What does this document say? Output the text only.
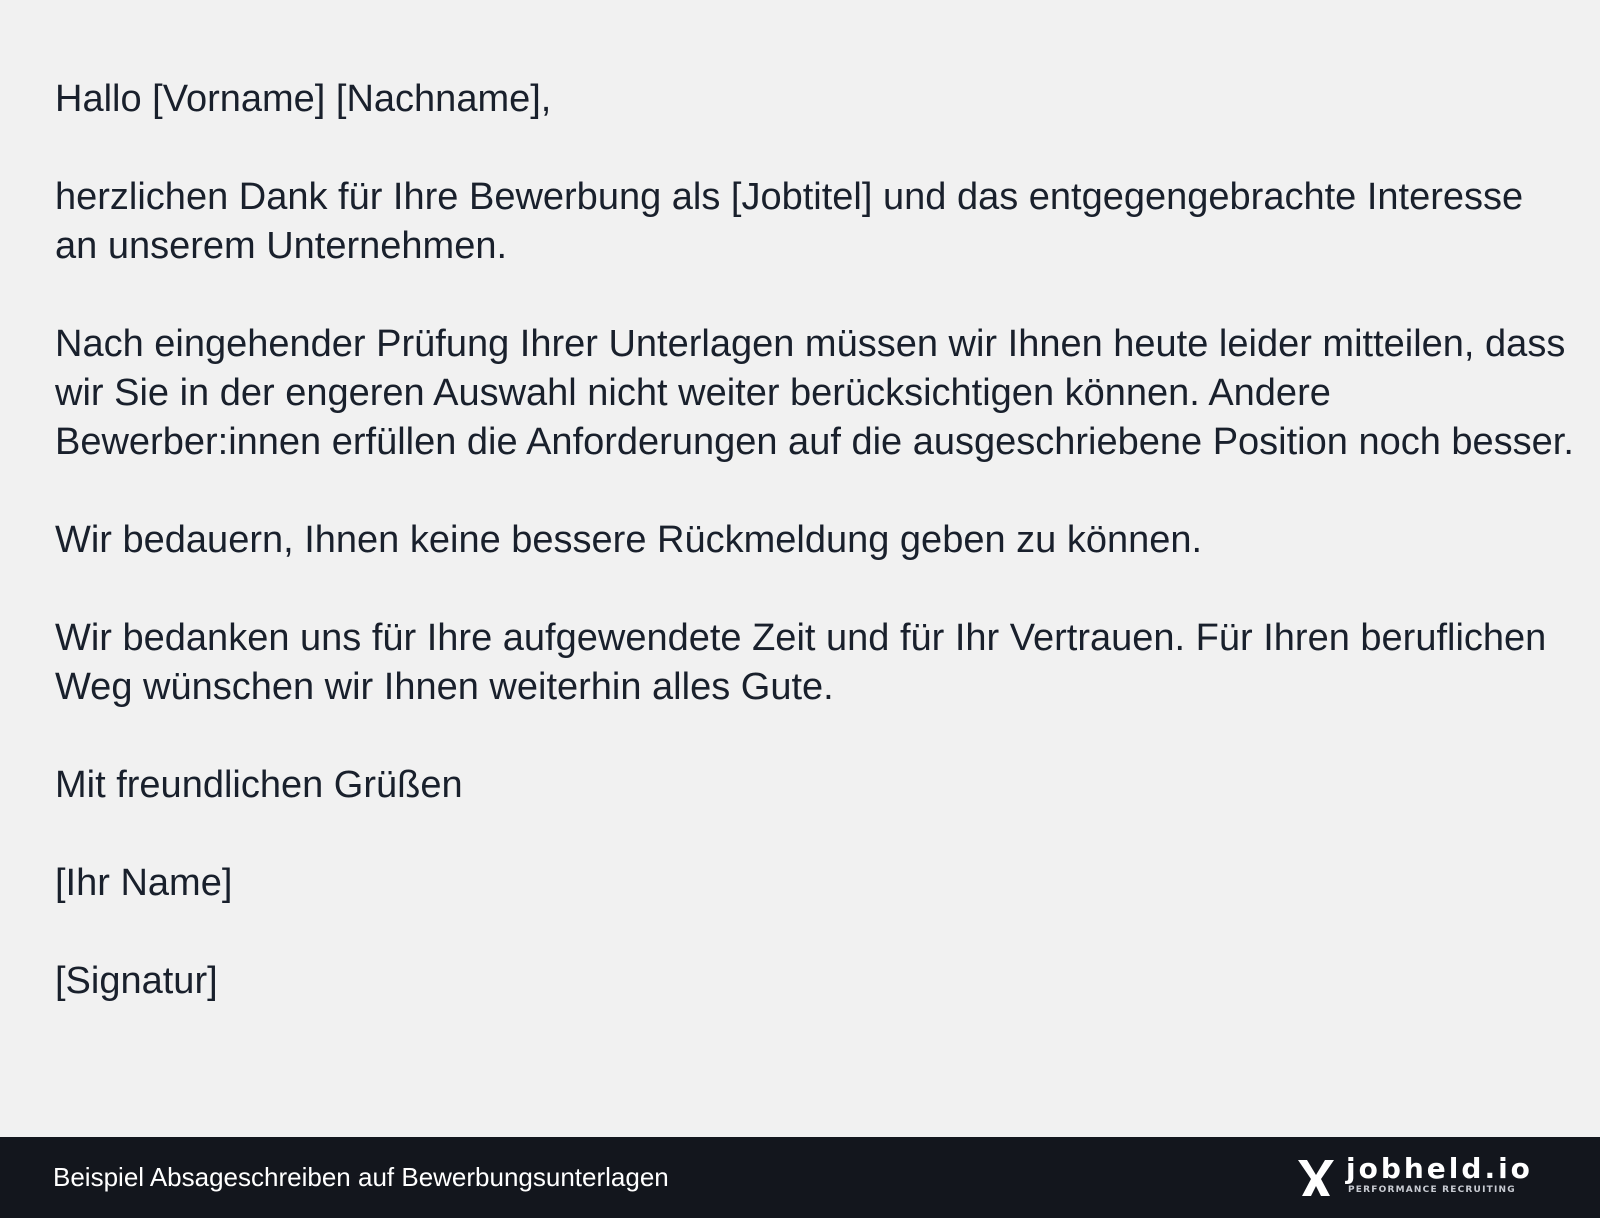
Hallo [Vorname] [Nachname],

herzlichen Dank für Ihre Bewerbung als [Jobtitel] und das entgegengebrachte Interesse an unserem Unternehmen.

Nach eingehender Prüfung Ihrer Unterlagen müssen wir Ihnen heute leider mitteilen, dass wir Sie in der engeren Auswahl nicht weiter berücksichtigen können. Andere Bewerber:innen erfüllen die Anforderungen auf die ausgeschriebene Position noch besser.

Wir bedauern, Ihnen keine bessere Rückmeldung geben zu können.

Wir bedanken uns für Ihre aufgewendete Zeit und für Ihr Vertrauen. Für Ihren beruflichen Weg wünschen wir Ihnen weiterhin alles Gute.

Mit freundlichen Grüßen

[Ihr Name]

[Signatur]

Beispiel Absageschreiben auf Bewerbungsunterlagen	jobheld.io
PERFORMANCE RECRUITING
